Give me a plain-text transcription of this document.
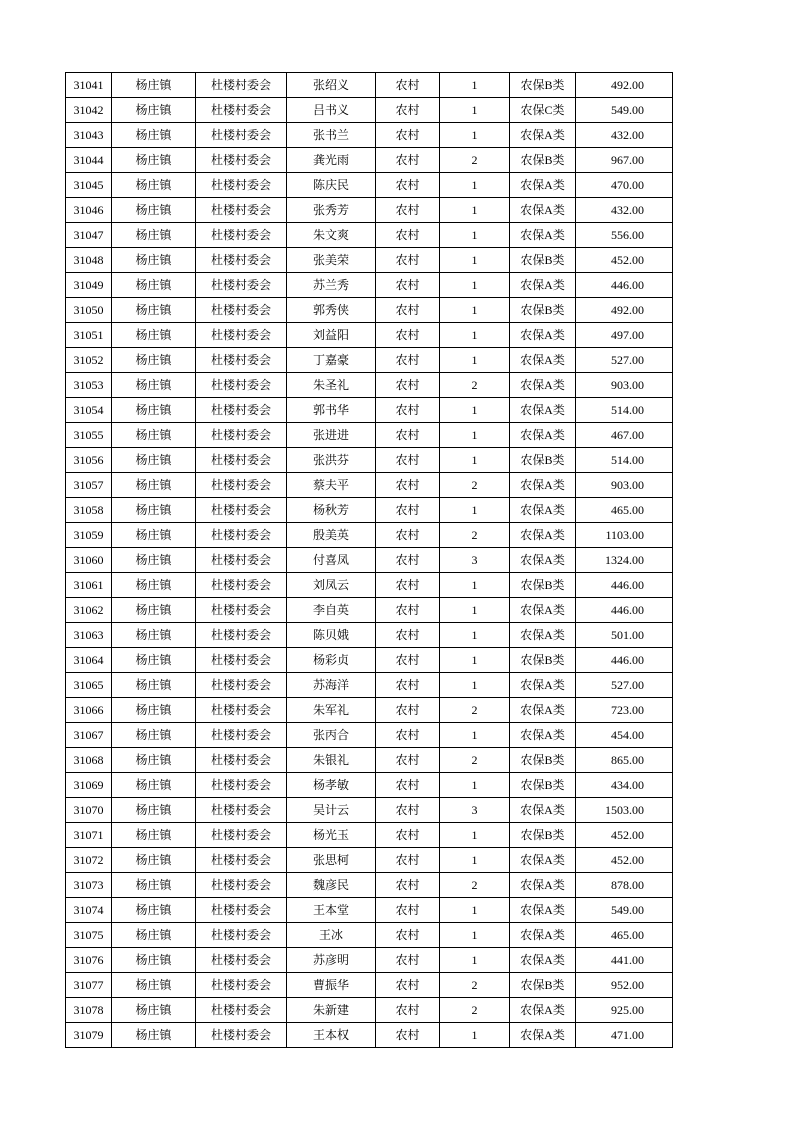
31041	杨庄镇	杜楼村委会	张绍义	农村	1	农保B类	492.00
31042	杨庄镇	杜楼村委会	吕书义	农村	1	农保C类	549.00
31043	杨庄镇	杜楼村委会	张书兰	农村	1	农保A类	432.00
31044	杨庄镇	杜楼村委会	龚光雨	农村	2	农保B类	967.00
31045	杨庄镇	杜楼村委会	陈庆民	农村	1	农保A类	470.00
31046	杨庄镇	杜楼村委会	张秀芳	农村	1	农保A类	432.00
31047	杨庄镇	杜楼村委会	朱文爽	农村	1	农保A类	556.00
31048	杨庄镇	杜楼村委会	张美荣	农村	1	农保B类	452.00
31049	杨庄镇	杜楼村委会	苏兰秀	农村	1	农保A类	446.00
31050	杨庄镇	杜楼村委会	郭秀侠	农村	1	农保B类	492.00
31051	杨庄镇	杜楼村委会	刘益阳	农村	1	农保A类	497.00
31052	杨庄镇	杜楼村委会	丁嘉豪	农村	1	农保A类	527.00
31053	杨庄镇	杜楼村委会	朱圣礼	农村	2	农保A类	903.00
31054	杨庄镇	杜楼村委会	郭书华	农村	1	农保A类	514.00
31055	杨庄镇	杜楼村委会	张进进	农村	1	农保A类	467.00
31056	杨庄镇	杜楼村委会	张洪芬	农村	1	农保B类	514.00
31057	杨庄镇	杜楼村委会	蔡夫平	农村	2	农保A类	903.00
31058	杨庄镇	杜楼村委会	杨秋芳	农村	1	农保A类	465.00
31059	杨庄镇	杜楼村委会	殷美英	农村	2	农保A类	1103.00
31060	杨庄镇	杜楼村委会	付喜凤	农村	3	农保A类	1324.00
31061	杨庄镇	杜楼村委会	刘凤云	农村	1	农保B类	446.00
31062	杨庄镇	杜楼村委会	李自英	农村	1	农保A类	446.00
31063	杨庄镇	杜楼村委会	陈贝娥	农村	1	农保A类	501.00
31064	杨庄镇	杜楼村委会	杨彩贞	农村	1	农保B类	446.00
31065	杨庄镇	杜楼村委会	苏海洋	农村	1	农保A类	527.00
31066	杨庄镇	杜楼村委会	朱军礼	农村	2	农保A类	723.00
31067	杨庄镇	杜楼村委会	张丙合	农村	1	农保A类	454.00
31068	杨庄镇	杜楼村委会	朱银礼	农村	2	农保B类	865.00
31069	杨庄镇	杜楼村委会	杨孝敏	农村	1	农保B类	434.00
31070	杨庄镇	杜楼村委会	吴计云	农村	3	农保A类	1503.00
31071	杨庄镇	杜楼村委会	杨光玉	农村	1	农保B类	452.00
31072	杨庄镇	杜楼村委会	张思柯	农村	1	农保A类	452.00
31073	杨庄镇	杜楼村委会	魏彦民	农村	2	农保A类	878.00
31074	杨庄镇	杜楼村委会	王本堂	农村	1	农保A类	549.00
31075	杨庄镇	杜楼村委会	王冰	农村	1	农保A类	465.00
31076	杨庄镇	杜楼村委会	苏彦明	农村	1	农保A类	441.00
31077	杨庄镇	杜楼村委会	曹振华	农村	2	农保B类	952.00
31078	杨庄镇	杜楼村委会	朱新建	农村	2	农保A类	925.00
31079	杨庄镇	杜楼村委会	王本权	农村	1	农保A类	471.00
